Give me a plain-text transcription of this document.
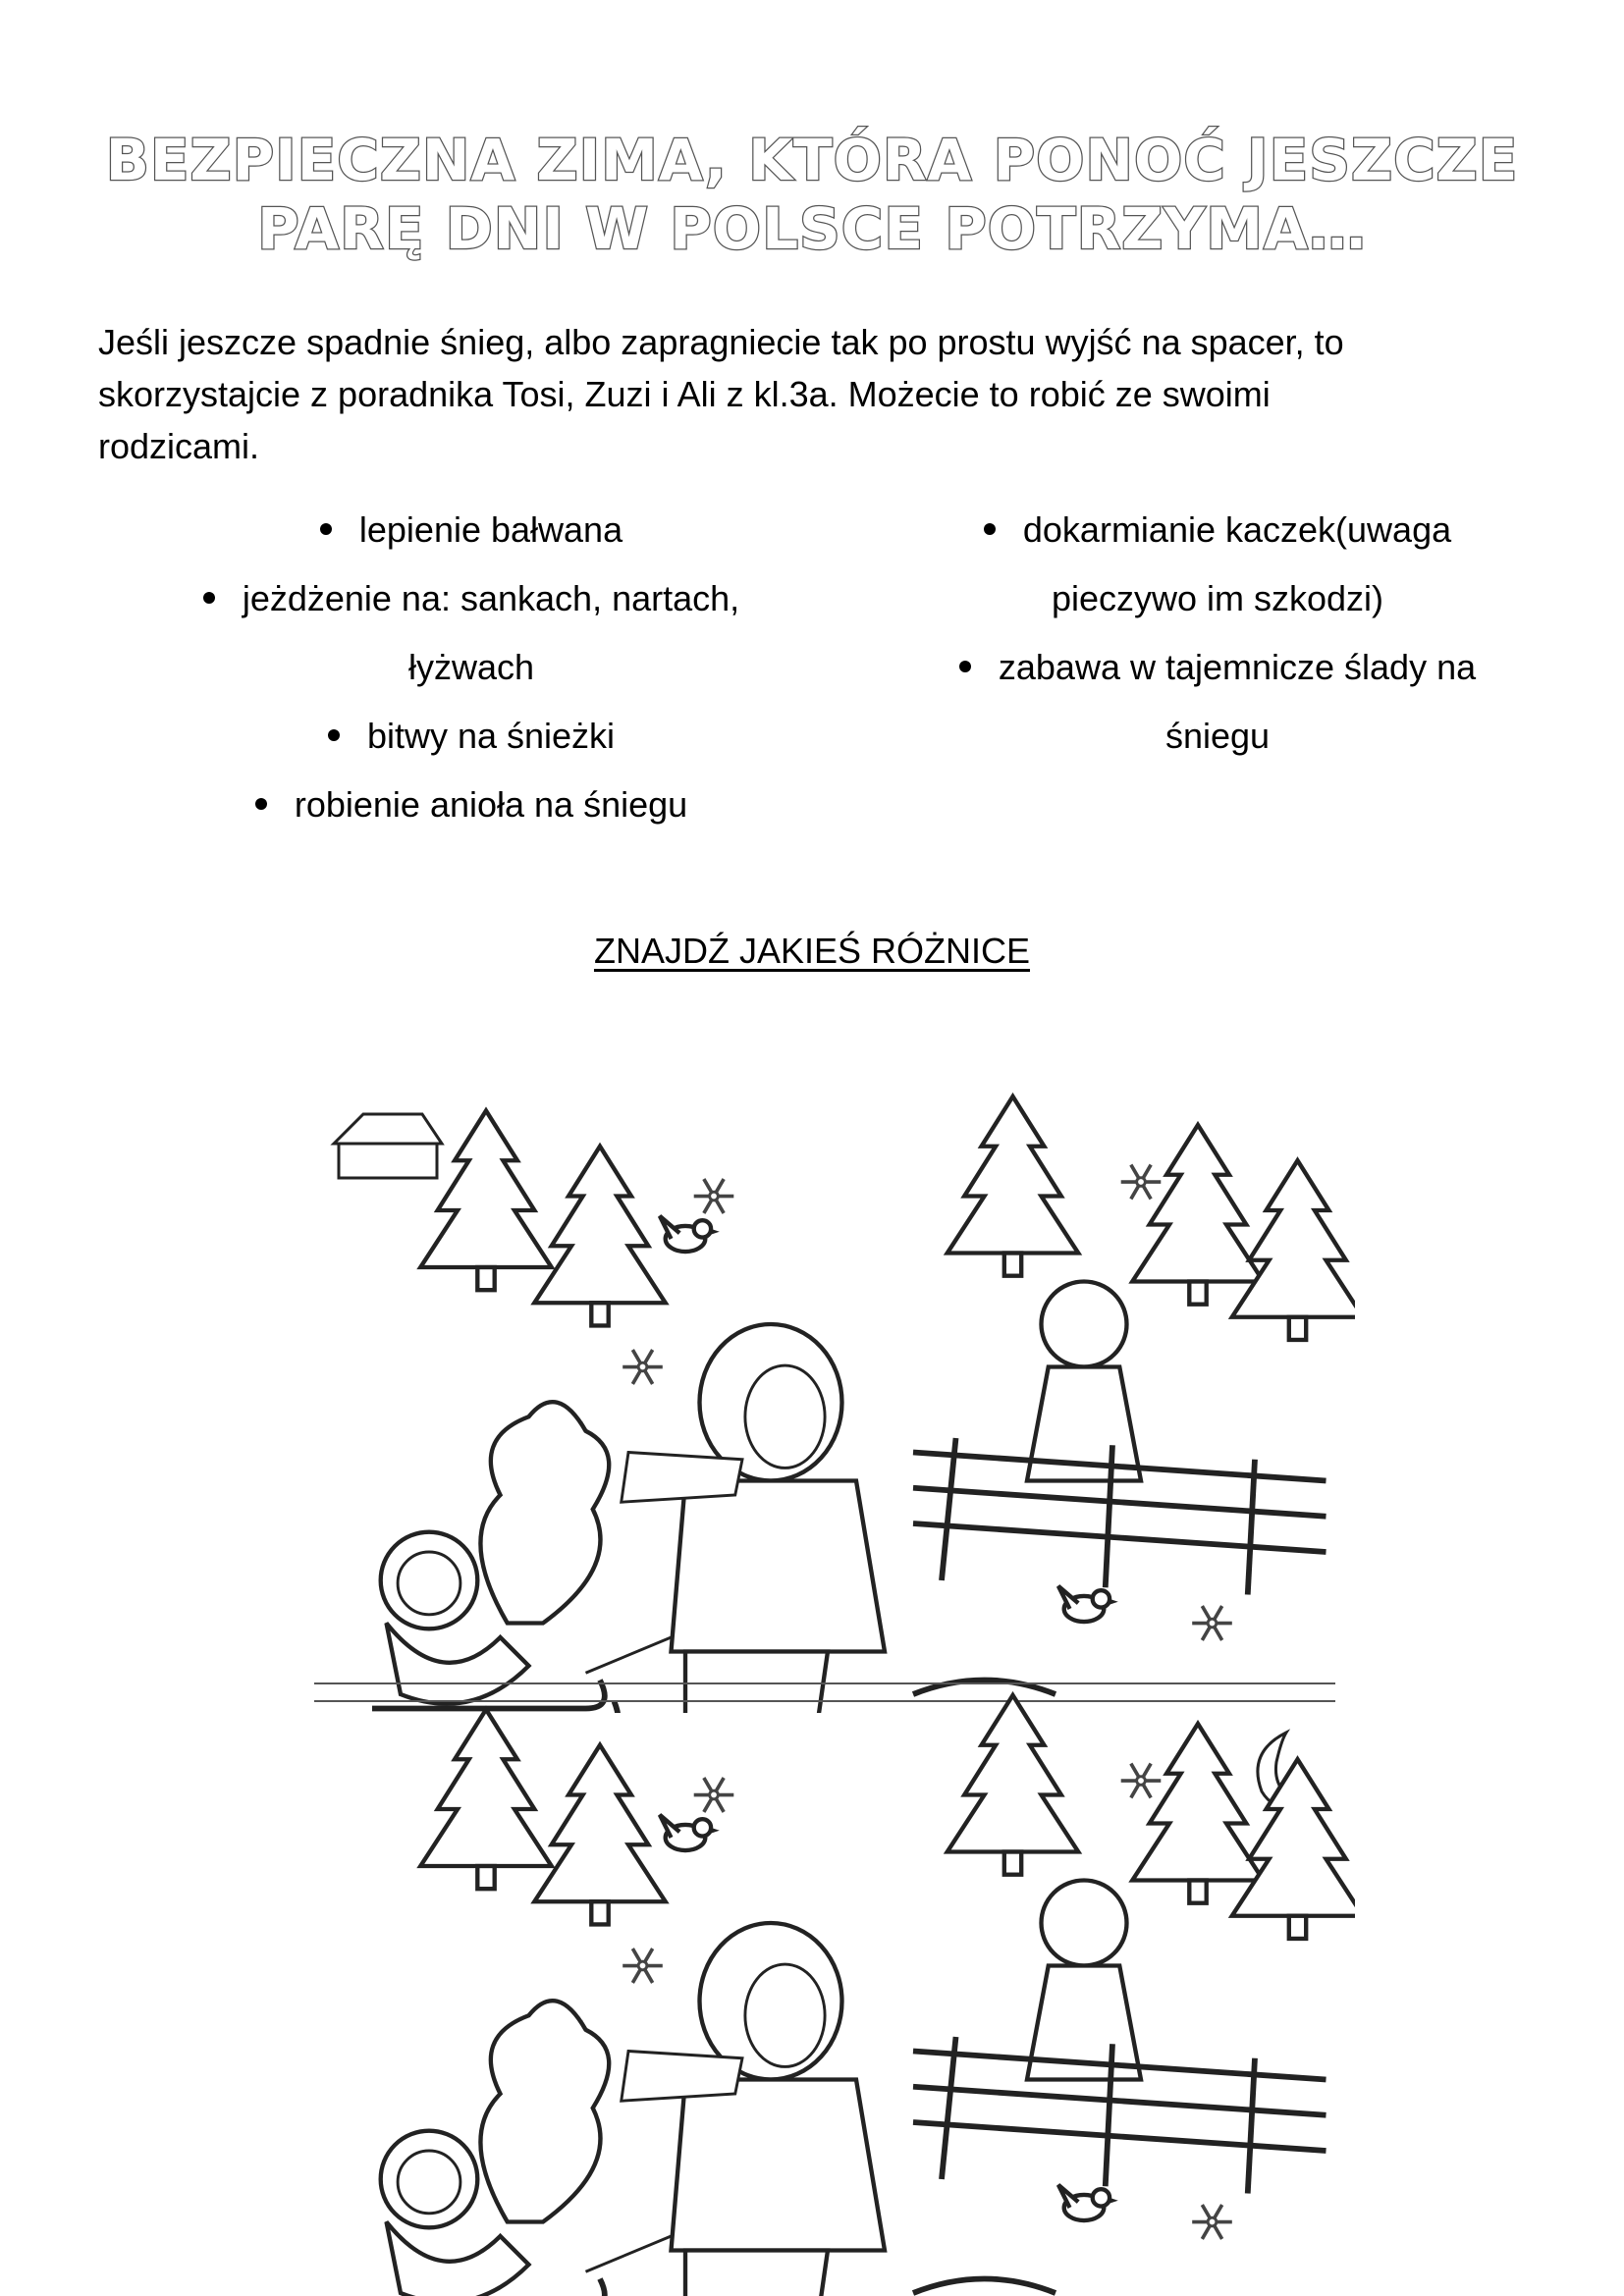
BEZPIECZNA ZIMA, KTÓRA PONOĆ JESZCZE
PARĘ DNI W POLSCE POTRZYMA…
Jeśli jeszcze spadnie śnieg, albo zapragniecie tak po prostu wyjść na spacer, to
skorzystajcie z poradnika Tosi, Zuzi i Ali z kl.3a. Możecie to robić ze swoimi
rodzicami.
lepienie bałwana
jeżdżenie na: sankach, nartach,
łyżwach
bitwy na śnieżki
robienie anioła na śniegu
dokarmianie kaczek(uwaga
pieczywo im szkodzi)
zabawa w tajemnicze ślady na
śniegu
ZNAJDŹ JAKIEŚ RÓŻNICE
